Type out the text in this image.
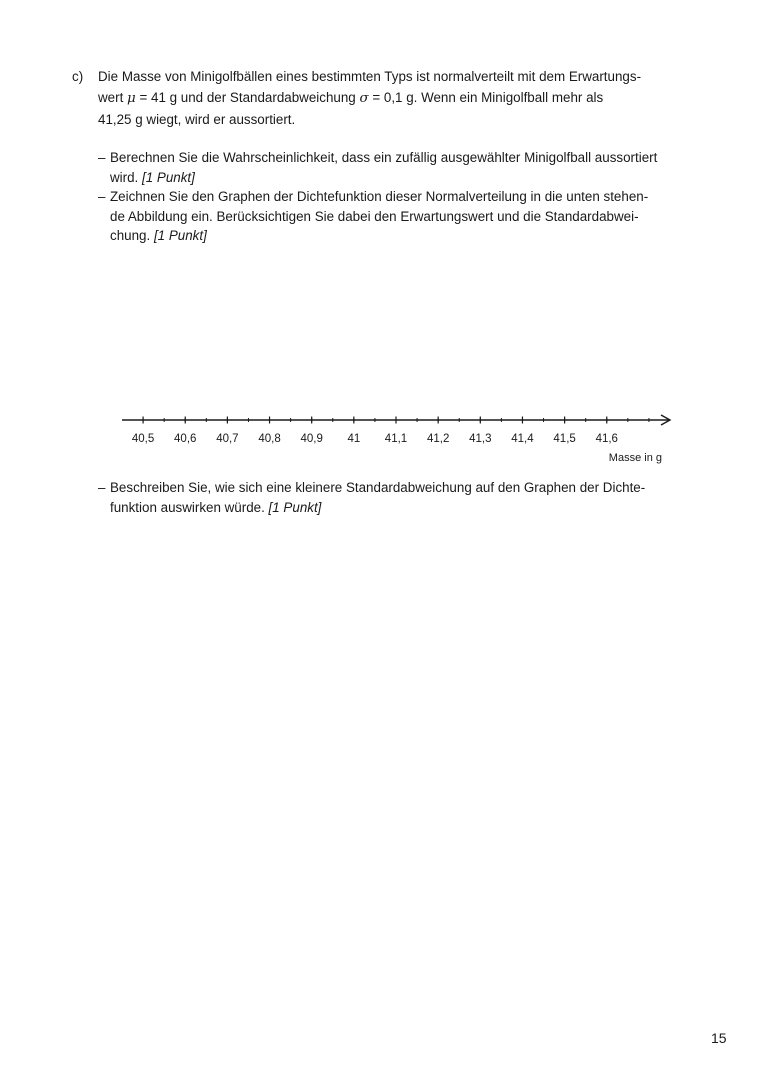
c) Die Masse von Minigolfbällen eines bestimmten Typs ist normalverteilt mit dem Erwartungs-
wert μ = 41 g und der Standardabweichung σ = 0,1 g. Wenn ein Minigolfball mehr als
41,25 g wiegt, wird er aussortiert.

– Berechnen Sie die Wahrscheinlichkeit, dass ein zufällig ausgewählter Minigolfball aussortiert
wird. [1 Punkt]
– Zeichnen Sie den Graphen der Dichtefunktion dieser Normalverteilung in die unten stehen-
de Abbildung ein. Berücksichtigen Sie dabei den Erwartungswert und die Standardabwei-
chung. [1 Punkt]
40,5 40,6 40,7 40,8 40,9 41 41,1 41,2 41,3 41,4 41,5 41,6
Masse in g
– Beschreiben Sie, wie sich eine kleinere Standardabweichung auf den Graphen der Dichte-
funktion auswirken würde. [1 Punkt]
15
